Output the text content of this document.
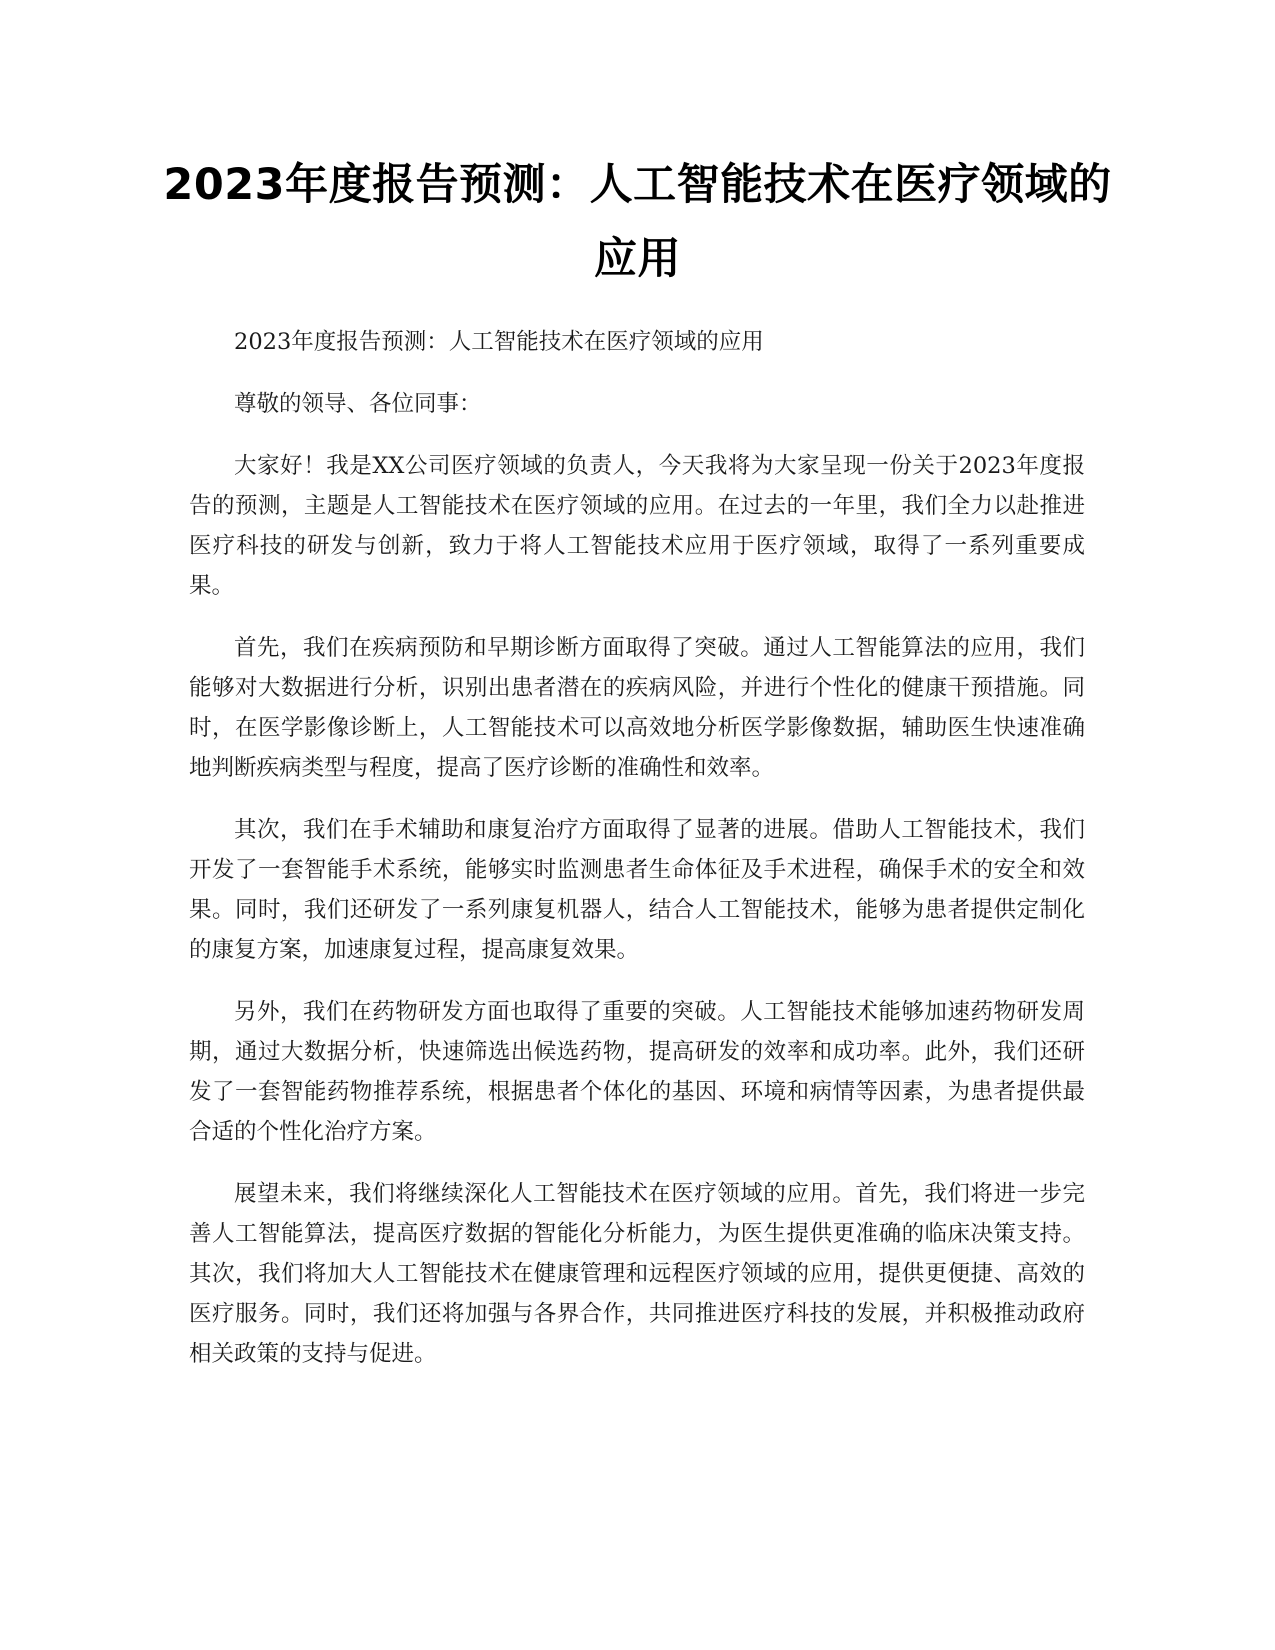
2023年度报告预测：人工智能技术在医疗领域的应用

2023年度报告预测：人工智能技术在医疗领域的应用

尊敬的领导、各位同事：

大家好！我是XX公司医疗领域的负责人，今天我将为大家呈现一份关于2023年度报告的预测，主题是人工智能技术在医疗领域的应用。在过去的一年里，我们全力以赴推进医疗科技的研发与创新，致力于将人工智能技术应用于医疗领域，取得了一系列重要成果。

首先，我们在疾病预防和早期诊断方面取得了突破。通过人工智能算法的应用，我们能够对大数据进行分析，识别出患者潜在的疾病风险，并进行个性化的健康干预措施。同时，在医学影像诊断上，人工智能技术可以高效地分析医学影像数据，辅助医生快速准确地判断疾病类型与程度，提高了医疗诊断的准确性和效率。

其次，我们在手术辅助和康复治疗方面取得了显著的进展。借助人工智能技术，我们开发了一套智能手术系统，能够实时监测患者生命体征及手术进程，确保手术的安全和效果。同时，我们还研发了一系列康复机器人，结合人工智能技术，能够为患者提供定制化的康复方案，加速康复过程，提高康复效果。

另外，我们在药物研发方面也取得了重要的突破。人工智能技术能够加速药物研发周期，通过大数据分析，快速筛选出候选药物，提高研发的效率和成功率。此外，我们还研发了一套智能药物推荐系统，根据患者个体化的基因、环境和病情等因素，为患者提供最合适的个性化治疗方案。

展望未来，我们将继续深化人工智能技术在医疗领域的应用。首先，我们将进一步完善人工智能算法，提高医疗数据的智能化分析能力，为医生提供更准确的临床决策支持。其次，我们将加大人工智能技术在健康管理和远程医疗领域的应用，提供更便捷、高效的医疗服务。同时，我们还将加强与各界合作，共同推进医疗科技的发展，并积极推动政府相关政策的支持与促进。
